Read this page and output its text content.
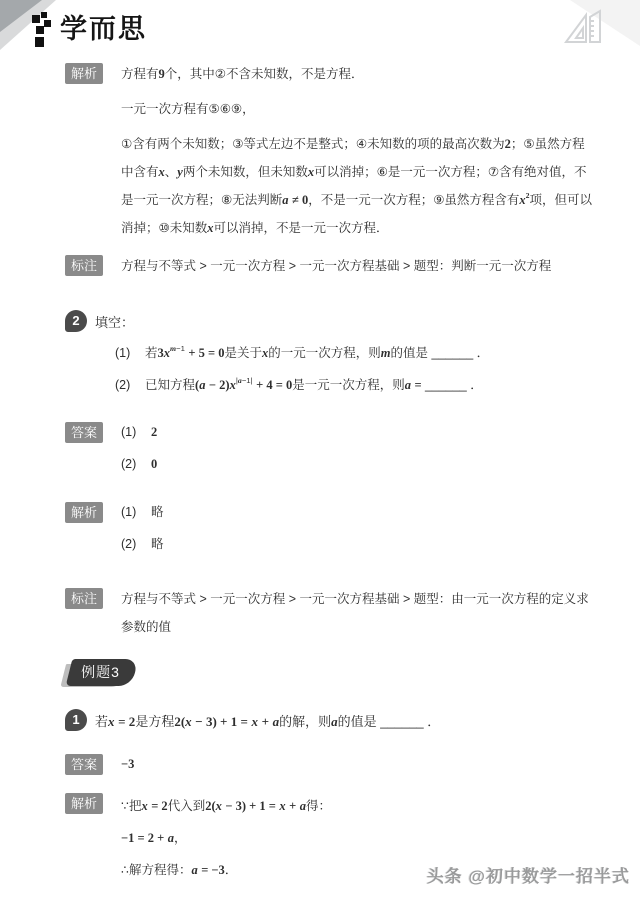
学而思
解析	方程有9个，其中②不含未知数，不是方程．

一元一次方程有⑤⑥⑨，

①含有两个未知数；③等式左边不是整式；④未知数的项的最高次数为2；⑤虽然方程中含有x、y两个未知数，但未知数x可以消掉；⑥是一元一次方程；⑦含有绝对值，不是一元一次方程；⑧无法判断a ≠ 0，不是一元一次方程；⑨虽然方程含有$x^2$项，但可以消掉；⑩未知数x可以消掉，不是一元一次方程．

标注	方程与不等式 > 一元一次方程 > 一元一次方程基础 > 题型：判断一元一次方程

2	填空：
(1)	若$3x^{m-1} + 5 = 0$是关于x的一元一次方程，则m的值是 ______ ．
(2)	已知方程$(a - 2)x^{|a-1|} + 4 = 0$是一元一次方程，则a = ______ ．
答案	(1)	2
(2)	0
解析	(1)	略
(2)	略
标注	方程与不等式 > 一元一次方程 > 一元一次方程基础 > 题型：由一元一次方程的定义求参数的值

例题3
1	若x = 2是方程2(x − 3) + 1 = x + a的解，则a的值是 ______ ．
答案	−3
解析	∵把x = 2代入到2(x − 3) + 1 = x + a得：

−1 = 2 + a，

∴解方程得：a = −3．	头条 @初中数学一招半式
